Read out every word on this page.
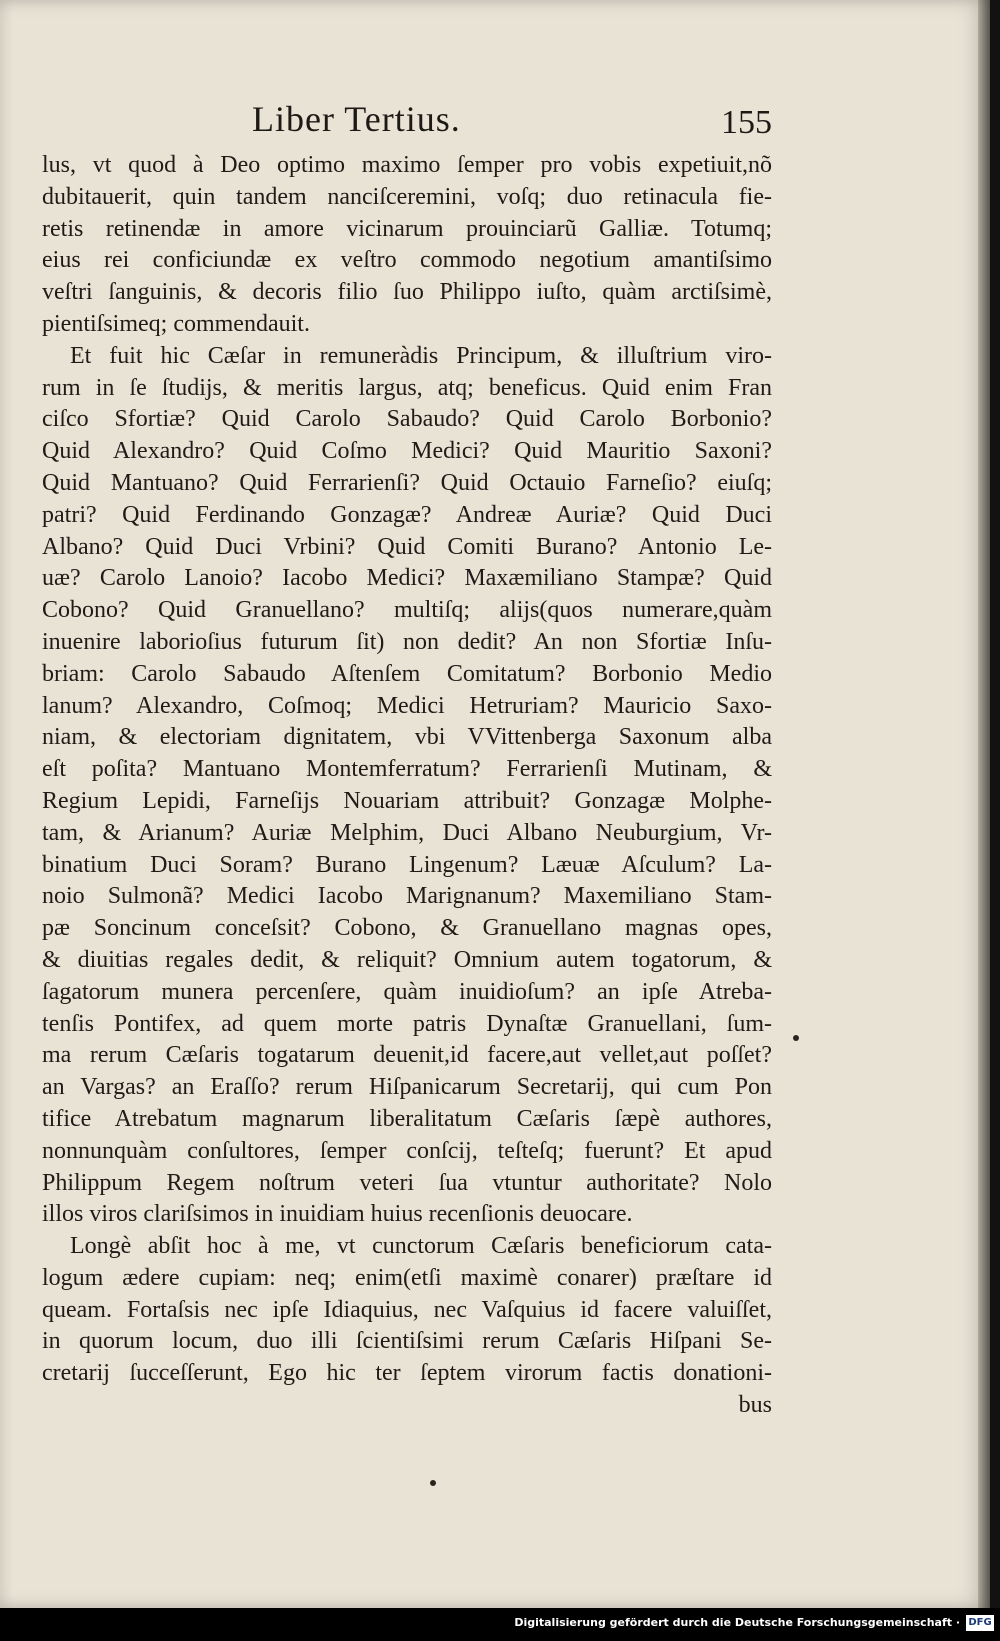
Liber Tertius.	155
lus, vt quod à Deo optimo maximo ſemper pro vobis expetiuit,nõ
dubitauerit, quin tandem nanciſceremini, voſq; duo retinacula fie-
retis retinendæ in amore vicinarum prouinciarũ Galliæ. Totumq;
eius rei conficiundæ ex veſtro commodo negotium amantiſsimo
veſtri ſanguinis, & decoris filio ſuo Philippo iuſto, quàm arctiſsimè,
pientiſsimeq; commendauit.
Et fuit hic Cæſar in remuneràdis Principum, & illuſtrium viro-
rum in ſe ſtudijs, & meritis largus, atq; beneficus. Quid enim Fran
ciſco Sfortiæ? Quid Carolo Sabaudo? Quid Carolo Borbonio?
Quid Alexandro? Quid Coſmo Medici? Quid Mauritio Saxoni?
Quid Mantuano? Quid Ferrarienſi? Quid Octauio Farneſio? eiuſq;
patri? Quid Ferdinando Gonzagæ? Andreæ Auriæ? Quid Duci
Albano? Quid Duci Vrbini? Quid Comiti Burano? Antonio Le-
uæ? Carolo Lanoio? Iacobo Medici? Maxæmiliano Stampæ? Quid
Cobono? Quid Granuellano? multiſq; alijs(quos numerare,quàm
inuenire laborioſius futurum ſit) non dedit? An non Sfortiæ Inſu-
briam: Carolo Sabaudo Aſtenſem Comitatum? Borbonio Medio
lanum? Alexandro, Coſmoq; Medici Hetruriam? Mauricio Saxo-
niam, & electoriam dignitatem, vbi VVittenberga Saxonum alba
eſt poſita? Mantuano Montemferratum? Ferrarienſi Mutinam, &
Regium Lepidi, Farneſijs Nouariam attribuit? Gonzagæ Molphe-
tam, & Arianum? Auriæ Melphim, Duci Albano Neuburgium, Vr-
binatium Duci Soram? Burano Lingenum? Læuæ Aſculum? La-
noio Sulmonã? Medici Iacobo Marignanum? Maxemiliano Stam-
pæ Soncinum conceſsit? Cobono, & Granuellano magnas opes,
& diuitias regales dedit, & reliquit? Omnium autem togatorum, &
ſagatorum munera percenſere, quàm inuidioſum? an ipſe Atreba-
tenſis Pontifex, ad quem morte patris Dynaſtæ Granuellani, ſum-
ma rerum Cæſaris togatarum deuenit,id facere,aut vellet,aut poſſet?
an Vargas? an Eraſſo? rerum Hiſpanicarum Secretarij, qui cum Pon
tifice Atrebatum magnarum liberalitatum Cæſaris ſæpè authores,
nonnunquàm conſultores, ſemper conſcij, teſteſq; fuerunt? Et apud
Philippum Regem noſtrum veteri ſua vtuntur authoritate? Nolo
illos viros clariſsimos in inuidiam huius recenſionis deuocare.
Longè abſit hoc à me, vt cunctorum Cæſaris beneficiorum cata-
logum ædere cupiam: neq; enim(etſi maximè conarer) præſtare id
queam. Fortaſsis nec ipſe Idiaquius, nec Vaſquius id facere valuiſſet,
in quorum locum, duo illi ſcientiſsimi rerum Cæſaris Hiſpani Se-
cretarij ſucceſſerunt, Ego hic ter ſeptem virorum factis donationi-
bus
Digitalisierung gefördert durch die Deutsche Forschungsgemeinschaft · DFG
